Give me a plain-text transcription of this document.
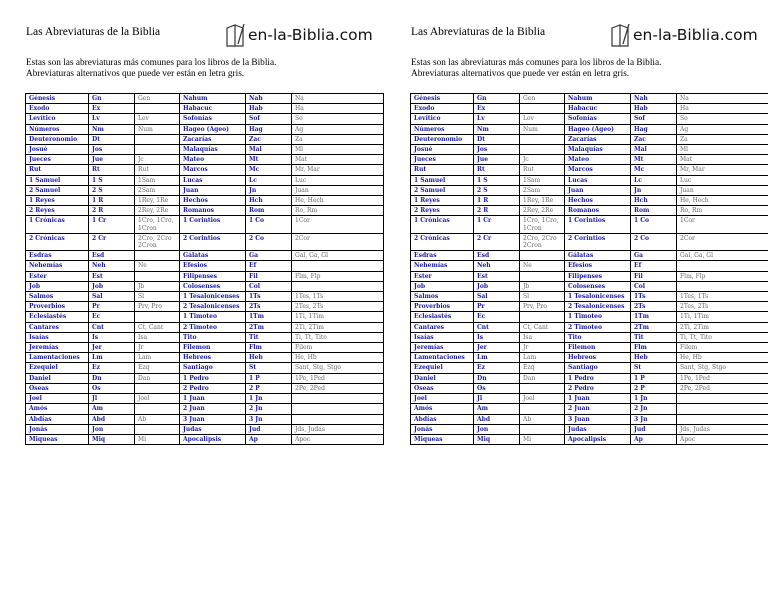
Las Abreviaturas de la Biblia	en-la-Biblia.com
Estas son las abreviaturas más comunes para los libros de la Biblia.
Abreviaturas alternativos que puede ver están en letra gris.
Génesis	Gn	Gen	Nahum	Nah	Na
Exodo	Ex		Habacuc	Hab	Ha
Levítico	Lv	Lev	Sofonías	Sof	So
Números	Nm	Num	Hageo (Ageo)	Hag	Ag
Deuteronomio	Dt		Zacarías	Zac	Za
Josué	Jos		Malaquías	Mal	Ml
Jueces	Jue	Jc	Mateo	Mt	Mat
Rut	Rt	Rut	Marcos	Mc	Mr, Mar
1 Samuel	1 S	1Sam	Lucas	Lc	Luc
2 Samuel	2 S	2Sam	Juan	Jn	Juan
1 Reyes	1 R	1Rey, 1Re	Hechos	Hch	He, Hech
2 Reyes	2 R	2Rey, 2Re	Romanos	Rom	Ro, Rm
1 Crónicas	1 Cr	1Cro, 1Cro, 1Cron	1 Corintios	1 Co	1Cor
2 Crónicas	2 Cr	2Cro, 2Cro 2Cron	2 Corintios	2 Co	2Cor
Esdras	Esd		Gálatas	Ga	Gal, Ga, Gl
Nehemías	Neh	Ne	Efesios	Ef	
Ester	Est		Filipenses	Fil	Flm, Flp
Job	Job	Jb	Colosenses	Col	
Salmos	Sal	Sl	1 Tesalonicenses	1Ts	1Tes, 1Ts
Proverbios	Pr	Prv, Pro	2 Tesalonicenses	2Ts	2Tes, 2Ts
Eclesiastés	Ec		1 Timoteo	1Tm	1Ti, 1Tim
Cantares	Cnt	Ct, Cant	2 Timoteo	2Tm	2Ti, 2Tim
Isaías	Is	Isa	Tito	Tit	Ti, Tt, Tito
Jeremías	Jer	Jr	Filemon	Flm	Filem
Lamentaciones	Lm	Lam	Hebreos	Heb	He, Hb
Ezequiel	Ez	Ezq	Santiago	St	Sant, Stg, Stgo
Daniel	Dn	Dan	1 Pedro	1 P	1Pe, 1Ped
Oseas	Os		2 Pedro	2 P	2Pe, 2Ped
Joel	Jl	Joel	1 Juan	1 Jn	
Amós	Am		2 Juan	2 Jn	
Abdías	Abd	Ab	3 Juan	3 Jn	
Jonás	Jon		Judas	Jud	Jds, Judas
Miqueas	Miq	Mi	Apocalipsis	Ap	Apoc
Las Abreviaturas de la Biblia	en-la-Biblia.com
Estas son las abreviaturas más comunes para los libros de la Biblia.
Abreviaturas alternativos que puede ver están en letra gris.
Génesis	Gn	Gen	Nahum	Nah	Na
Exodo	Ex		Habacuc	Hab	Ha
Levítico	Lv	Lev	Sofonías	Sof	So
Números	Nm	Num	Hageo (Ageo)	Hag	Ag
Deuteronomio	Dt		Zacarías	Zac	Za
Josué	Jos		Malaquías	Mal	Ml
Jueces	Jue	Jc	Mateo	Mt	Mat
Rut	Rt	Rut	Marcos	Mc	Mr, Mar
1 Samuel	1 S	1Sam	Lucas	Lc	Luc
2 Samuel	2 S	2Sam	Juan	Jn	Juan
1 Reyes	1 R	1Rey, 1Re	Hechos	Hch	He, Hech
2 Reyes	2 R	2Rey, 2Re	Romanos	Rom	Ro, Rm
1 Crónicas	1 Cr	1Cro, 1Cro, 1Cron	1 Corintios	1 Co	1Cor
2 Crónicas	2 Cr	2Cro, 2Cro 2Cron	2 Corintios	2 Co	2Cor
Esdras	Esd		Gálatas	Ga	Gal, Ga, Gl
Nehemías	Neh	Ne	Efesios	Ef	
Ester	Est		Filipenses	Fil	Flm, Flp
Job	Job	Jb	Colosenses	Col	
Salmos	Sal	Sl	1 Tesalonicenses	1Ts	1Tes, 1Ts
Proverbios	Pr	Prv, Pro	2 Tesalonicenses	2Ts	2Tes, 2Ts
Eclesiastés	Ec		1 Timoteo	1Tm	1Ti, 1Tim
Cantares	Cnt	Ct, Cant	2 Timoteo	2Tm	2Ti, 2Tim
Isaías	Is	Isa	Tito	Tit	Ti, Tt, Tito
Jeremías	Jer	Jr	Filemon	Flm	Filem
Lamentaciones	Lm	Lam	Hebreos	Heb	He, Hb
Ezequiel	Ez	Ezq	Santiago	St	Sant, Stg, Stgo
Daniel	Dn	Dan	1 Pedro	1 P	1Pe, 1Ped
Oseas	Os		2 Pedro	2 P	2Pe, 2Ped
Joel	Jl	Joel	1 Juan	1 Jn	
Amós	Am		2 Juan	2 Jn	
Abdías	Abd	Ab	3 Juan	3 Jn	
Jonás	Jon		Judas	Jud	Jds, Judas
Miqueas	Miq	Mi	Apocalipsis	Ap	Apoc
